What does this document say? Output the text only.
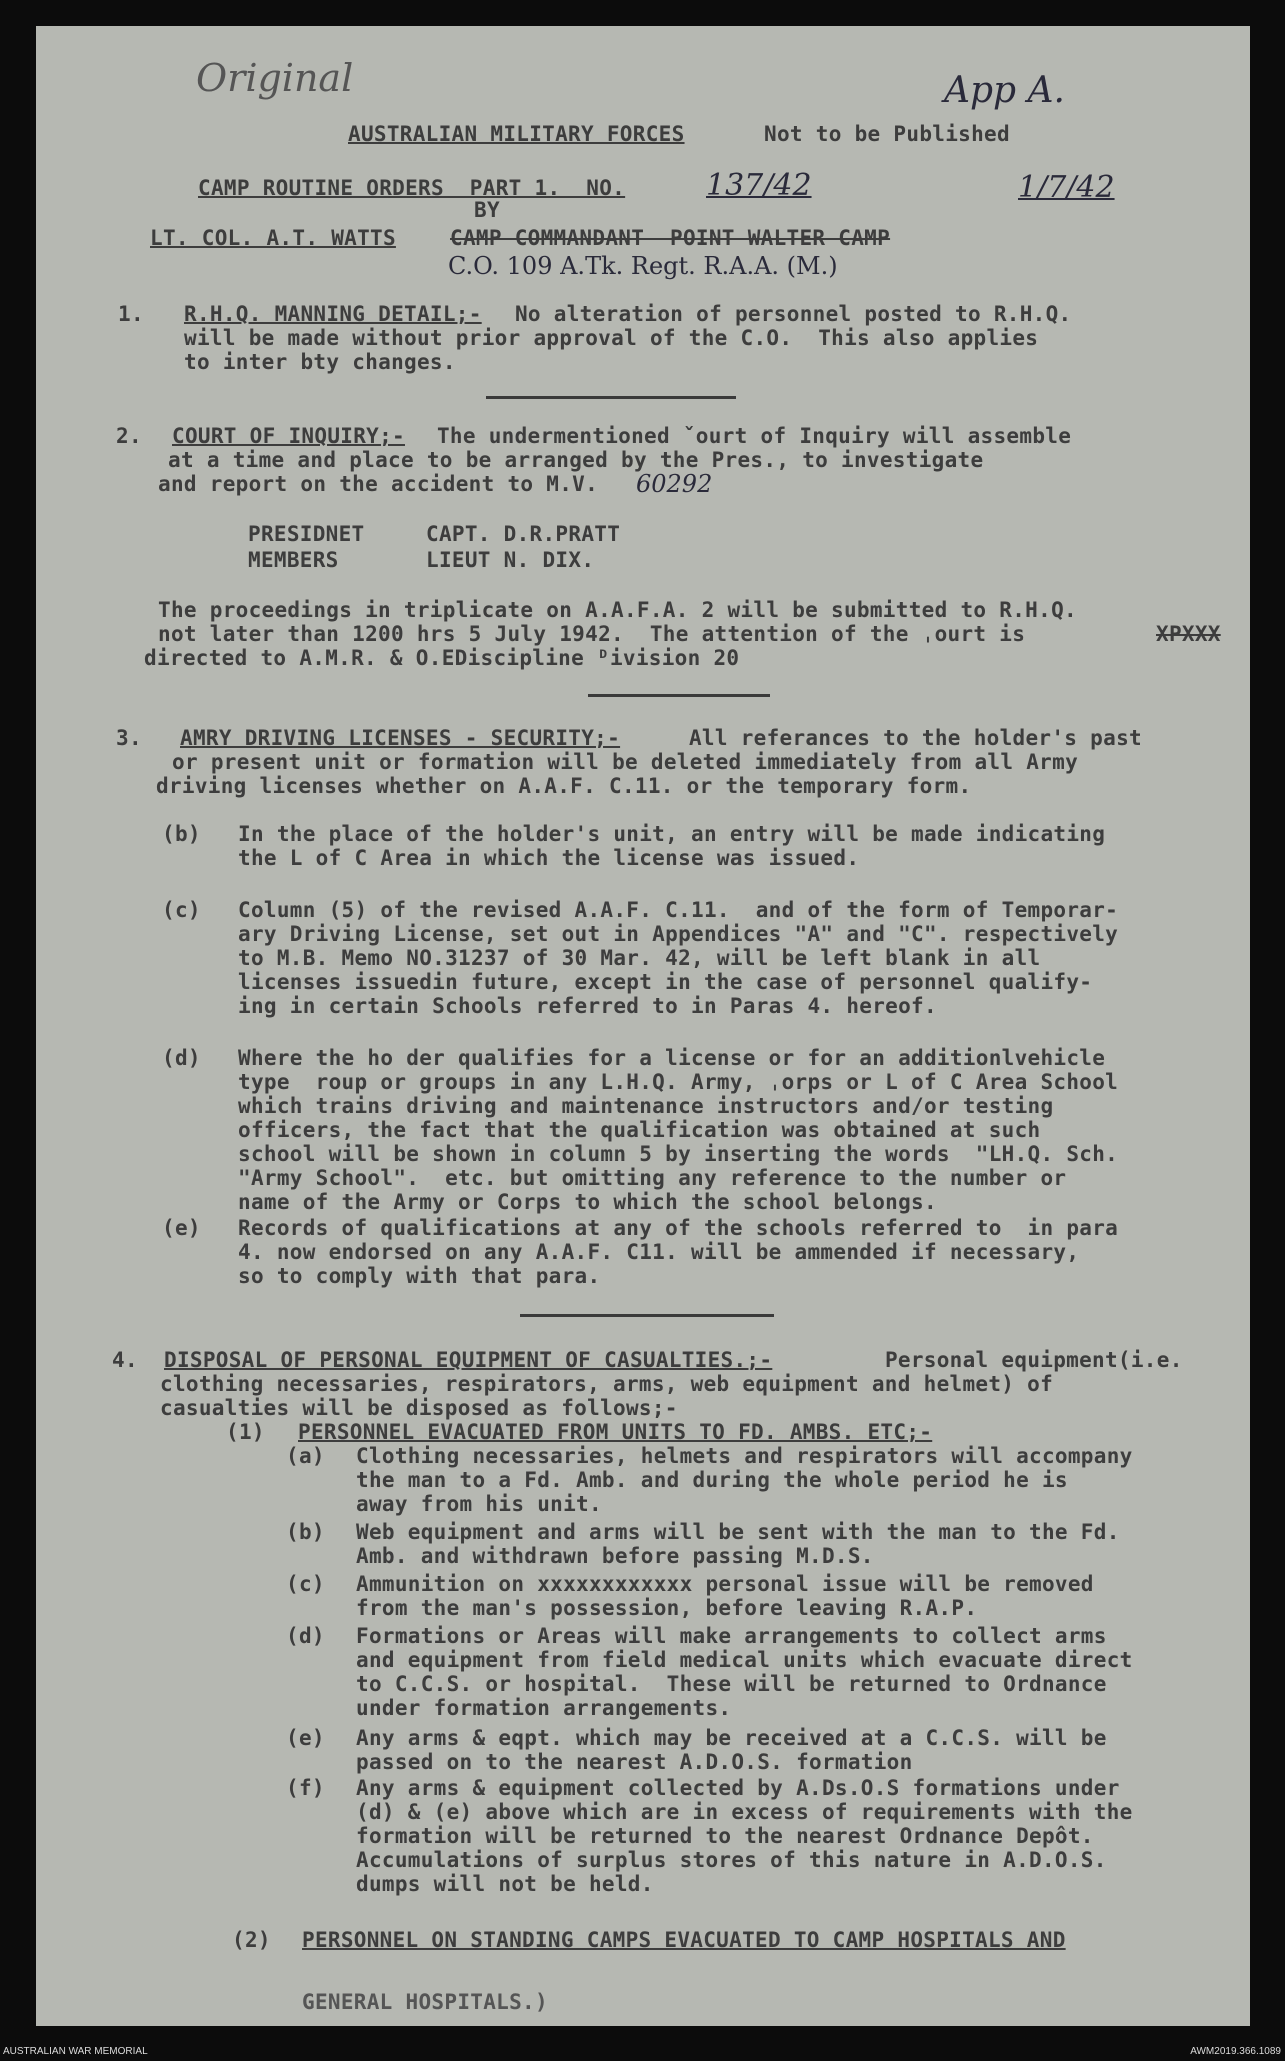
Original	App A.
AUSTRALIAN MILITARY FORCES	Not to be Published
CAMP ROUTINE ORDERS  PART 1.  NO.	137/42	1/7/42
BY
LT. COL. A.T. WATTS	CAMP COMMANDANT  POINT WALTER CAMP
C.O. 109 A.Tk. Regt. R.A.A. (M.)
1. R.H.Q. MANNING DETAIL;- No alteration of personnel posted to R.H.Q.
will be made without prior approval of the C.O.  This also applies
to inter bty changes.
2. COURT OF INQUIRY;- The undermentioned ˇourt of Inquiry will assemble
at a time and place to be arranged by the Pres., to investigate
and report on the accident to M.V. 60292
PRESIDNET	CAPT. D.R.PRATT
MEMBERS	LIEUT N. DIX.
The proceedings in triplicate on A.A.F.A. 2 will be submitted to R.H.Q.
not later than 1200 hrs 5 July 1942.  The attention of the ˌourt is	XPXXX
directed to A.M.R. & O.EDiscipline ᴰivision 20
3. AMRY DRIVING LICENSES - SECURITY;-	All referances to the holder's past
or present unit or formation will be deleted immediately from all Army
driving licenses whether on A.A.F. C.11. or the temporary form.
(b) In the place of the holder's unit, an entry will be made indicating
the L of C Area in which the license was issued.
(c) Column (5) of the revised A.A.F. C.11.  and of the form of Temporar-
ary Driving License, set out in Appendices "A" and "C". respectively
to M.B. Memo NO.31237 of 30 Mar. 42, will be left blank in all
licenses issuedin future, except in the case of personnel qualify-
ing in certain Schools referred to in Paras 4. hereof.
(d) Where the ho der qualifies for a license or for an additionlvehicle
type  roup or groups in any L.H.Q. Army, ˌorps or L of C Area School
which trains driving and maintenance instructors and/or testing
officers, the fact that the qualification was obtained at such
school will be shown in column 5 by inserting the words  "LH.Q. Sch.
"Army School".  etc. but omitting any reference to the number or
name of the Army or Corps to which the school belongs.
(e) Records of qualifications at any of the schools referred to  in para
4. now endorsed on any A.A.F. C11. will be ammended if necessary,
so to comply with that para.
4. DISPOSAL OF PERSONAL EQUIPMENT OF CASUALTIES.;-	Personal equipment(i.e.
clothing necessaries, respirators, arms, web equipment and helmet) of
casualties will be disposed as follows;-
(1) PERSONNEL EVACUATED FROM UNITS TO FD. AMBS. ETC;-
(a) Clothing necessaries, helmets and respirators will accompany
the man to a Fd. Amb. and during the whole period he is
away from his unit.
(b) Web equipment and arms will be sent with the man to the Fd.
Amb. and withdrawn before passing M.D.S.
(c) Ammunition on xxxxxxxxxxxx personal issue will be removed
from the man's possession, before leaving R.A.P.
(d) Formations or Areas will make arrangements to collect arms
and equipment from field medical units which evacuate direct
to C.C.S. or hospital.  These will be returned to Ordnance
under formation arrangements.
(e) Any arms & eqpt. which may be received at a C.C.S. will be
passed on to the nearest A.D.O.S. formation
(f) Any arms & equipment collected by A.Ds.O.S formations under
(d) & (e) above which are in excess of requirements with the
formation will be returned to the nearest Ordnance Depôt.
Accumulations of surplus stores of this nature in A.D.O.S.
dumps will not be held.
(2) PERSONNEL ON STANDING CAMPS EVACUATED TO CAMP HOSPITALS AND
GENERAL HOSPITALS.)
AUSTRALIAN WAR MEMORIAL	AWM2019.366.1089
